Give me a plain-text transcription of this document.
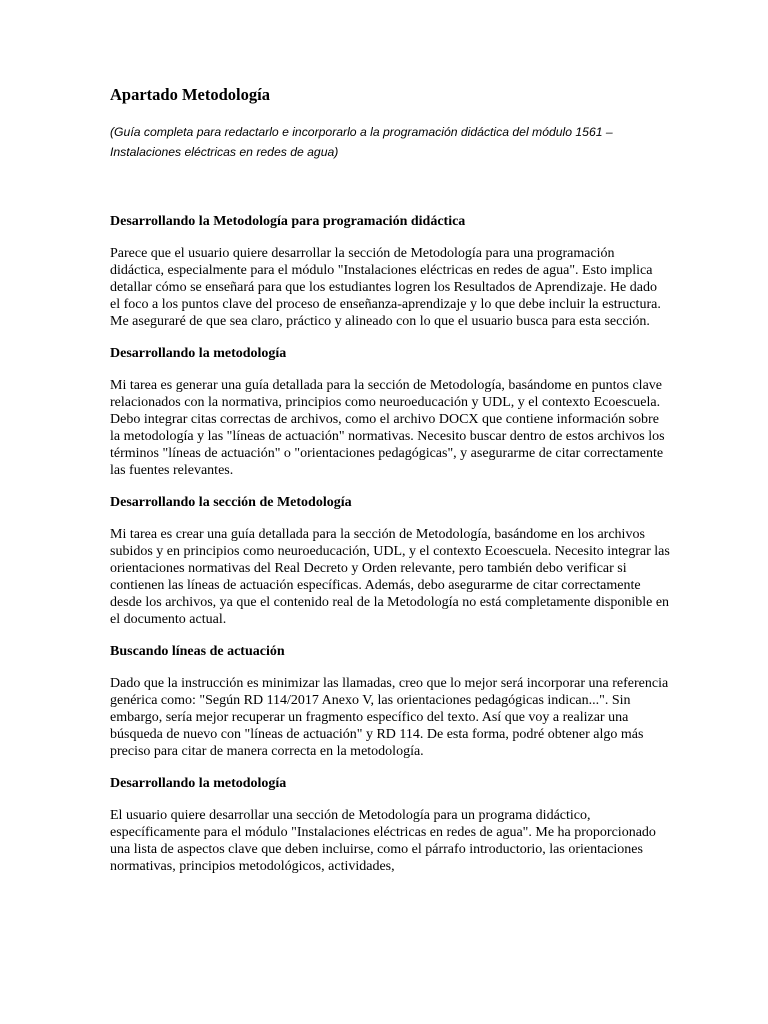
Apartado Metodología

(Guía completa para redactarlo e incorporarlo a la programación didáctica del módulo 1561 – Instalaciones eléctricas en redes de agua)

Desarrollando la Metodología para programación didáctica

Parece que el usuario quiere desarrollar la sección de Metodología para una programación didáctica, especialmente para el módulo "Instalaciones eléctricas en redes de agua". Esto implica detallar cómo se enseñará para que los estudiantes logren los Resultados de Aprendizaje. He dado el foco a los puntos clave del proceso de enseñanza-aprendizaje y lo que debe incluir la estructura. Me aseguraré de que sea claro, práctico y alineado con lo que el usuario busca para esta sección.

Desarrollando la metodología

Mi tarea es generar una guía detallada para la sección de Metodología, basándome en puntos clave relacionados con la normativa, principios como neuroeducación y UDL, y el contexto Ecoescuela. Debo integrar citas correctas de archivos, como el archivo DOCX que contiene información sobre la metodología y las "líneas de actuación" normativas. Necesito buscar dentro de estos archivos los términos "líneas de actuación" o "orientaciones pedagógicas", y asegurarme de citar correctamente las fuentes relevantes.

Desarrollando la sección de Metodología

Mi tarea es crear una guía detallada para la sección de Metodología, basándome en los archivos subidos y en principios como neuroeducación, UDL, y el contexto Ecoescuela. Necesito integrar las orientaciones normativas del Real Decreto y Orden relevante, pero también debo verificar si contienen las líneas de actuación específicas. Además, debo asegurarme de citar correctamente desde los archivos, ya que el contenido real de la Metodología no está completamente disponible en el documento actual.

Buscando líneas de actuación

Dado que la instrucción es minimizar las llamadas, creo que lo mejor será incorporar una referencia genérica como: "Según RD 114/2017 Anexo V, las orientaciones pedagógicas indican...". Sin embargo, sería mejor recuperar un fragmento específico del texto. Así que voy a realizar una búsqueda de nuevo con "líneas de actuación" y RD 114. De esta forma, podré obtener algo más preciso para citar de manera correcta en la metodología.

Desarrollando la metodología

El usuario quiere desarrollar una sección de Metodología para un programa didáctico, específicamente para el módulo "Instalaciones eléctricas en redes de agua". Me ha proporcionado una lista de aspectos clave que deben incluirse, como el párrafo introductorio, las orientaciones normativas, principios metodológicos, actividades,
